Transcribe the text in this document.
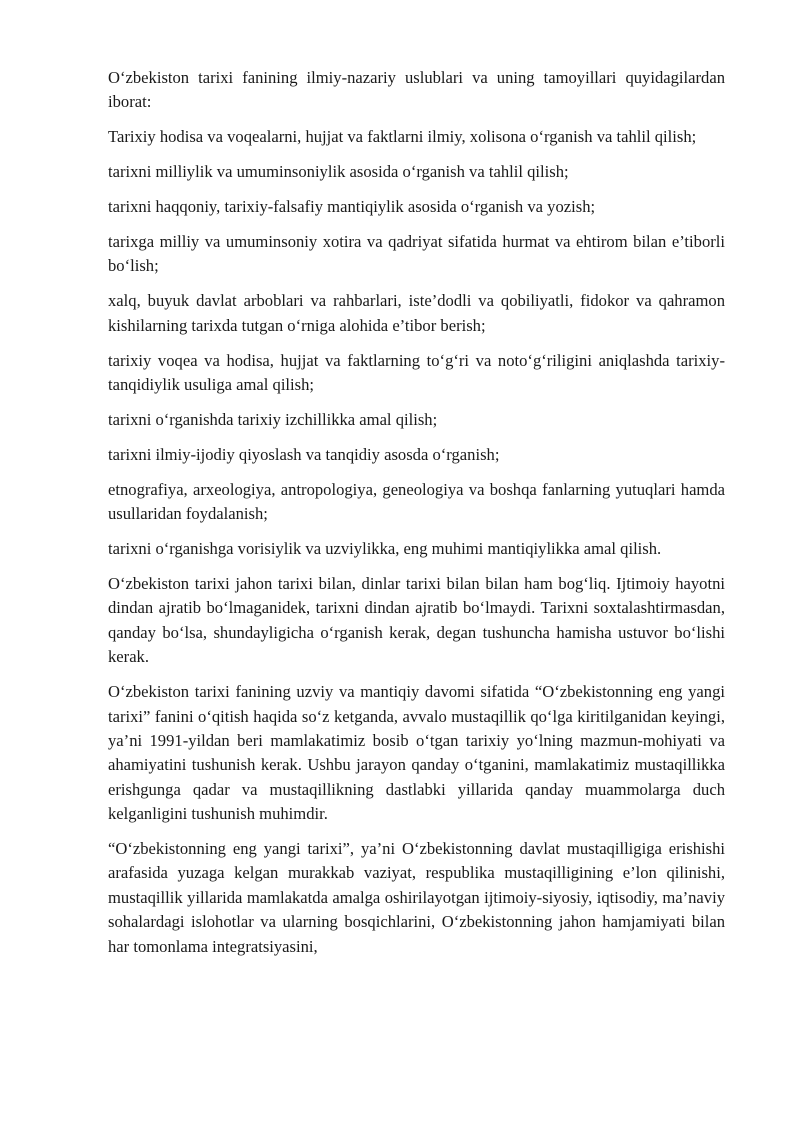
O‘zbekiston tarixi fanining ilmiy-nazariy uslublari va uning tamoyillari quyidagilardan iborat:

Tarixiy hodisa va voqealarni, hujjat va faktlarni ilmiy, xolisona o‘rganish va tahlil qilish;

tarixni milliylik va umuminsoniylik asosida o‘rganish va tahlil qilish;

tarixni haqqoniy, tarixiy-falsafiy mantiqiylik asosida o‘rganish va yozish;

tarixga milliy va umuminsoniy xotira va qadriyat sifatida hurmat va ehtirom bilan e’tiborli bo‘lish;

xalq, buyuk davlat arboblari va rahbarlari, iste’dodli va qobiliyatli, fidokor va qahramon kishilarning tarixda tutgan o‘rniga alohida e’tibor berish;

tarixiy voqea va hodisa, hujjat va faktlarning to‘g‘ri va noto‘g‘riligini aniqlashda tarixiy-tanqidiylik usuliga amal qilish;

tarixni o‘rganishda tarixiy izchillikka amal qilish;

tarixni ilmiy-ijodiy qiyoslash va tanqidiy asosda o‘rganish;

etnografiya, arxeologiya, antropologiya, geneologiya va boshqa fanlarning yutuqlari hamda usullaridan foydalanish;

tarixni o‘rganishga vorisiylik va uzviylikka, eng muhimi mantiqiylikka amal qilish.

O‘zbekiston tarixi jahon tarixi bilan, dinlar tarixi bilan bilan ham bog‘liq. Ijtimoiy hayotni dindan ajratib bo‘lmaganidek, tarixni dindan ajratib bo‘lmaydi. Tarixni soxtalashtirmasdan, qanday bo‘lsa, shundayligicha o‘rganish kerak, degan tushuncha hamisha ustuvor bo‘lishi kerak.

O‘zbekiston tarixi fanining uzviy va mantiqiy davomi sifatida “O‘zbekistonning eng yangi tarixi” fanini o‘qitish haqida so‘z ketganda, avvalo mustaqillik qo‘lga kiritilganidan keyingi, ya’ni 1991-yildan beri mamlakatimiz bosib o‘tgan tarixiy yo‘lning mazmun-mohiyati va ahamiyatini tushunish kerak. Ushbu jarayon qanday o‘tganini, mamlakatimiz mustaqillikka erishgunga qadar va mustaqillikning dastlabki yillarida qanday muammolarga duch kelganligini tushunish muhimdir.

“O‘zbekistonning eng yangi tarixi”, ya’ni O‘zbekistonning davlat mustaqilligiga erishishi arafasida yuzaga kelgan murakkab vaziyat, respublika mustaqilligining e’lon qilinishi, mustaqillik yillarida mamlakatda amalga oshirilayotgan ijtimoiy-siyosiy, iqtisodiy, ma’naviy sohalardagi islohotlar va ularning bosqichlarini, O‘zbekistonning jahon hamjamiyati bilan har tomonlama integratsiyasini,
